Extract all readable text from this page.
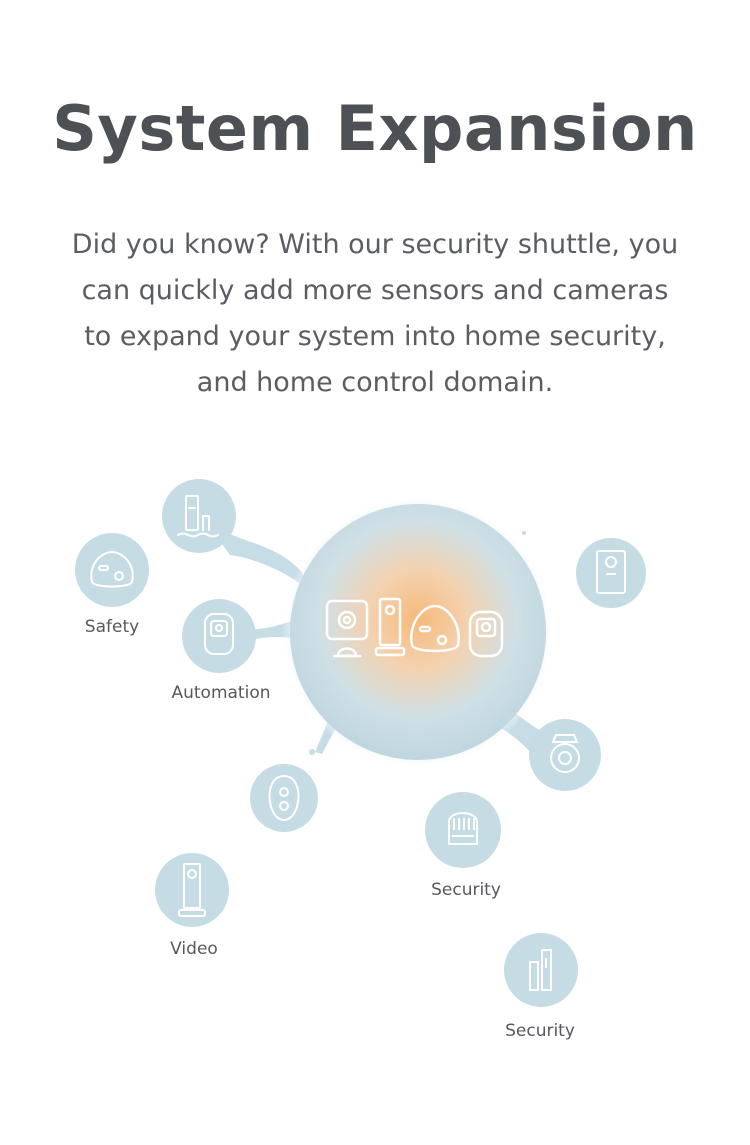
System Expansion
Did you know? With our security shuttle, you
can quickly add more sensors and cameras
to expand your system into home security,
and home control domain.
Safety
Automation
Security
Video
Security
